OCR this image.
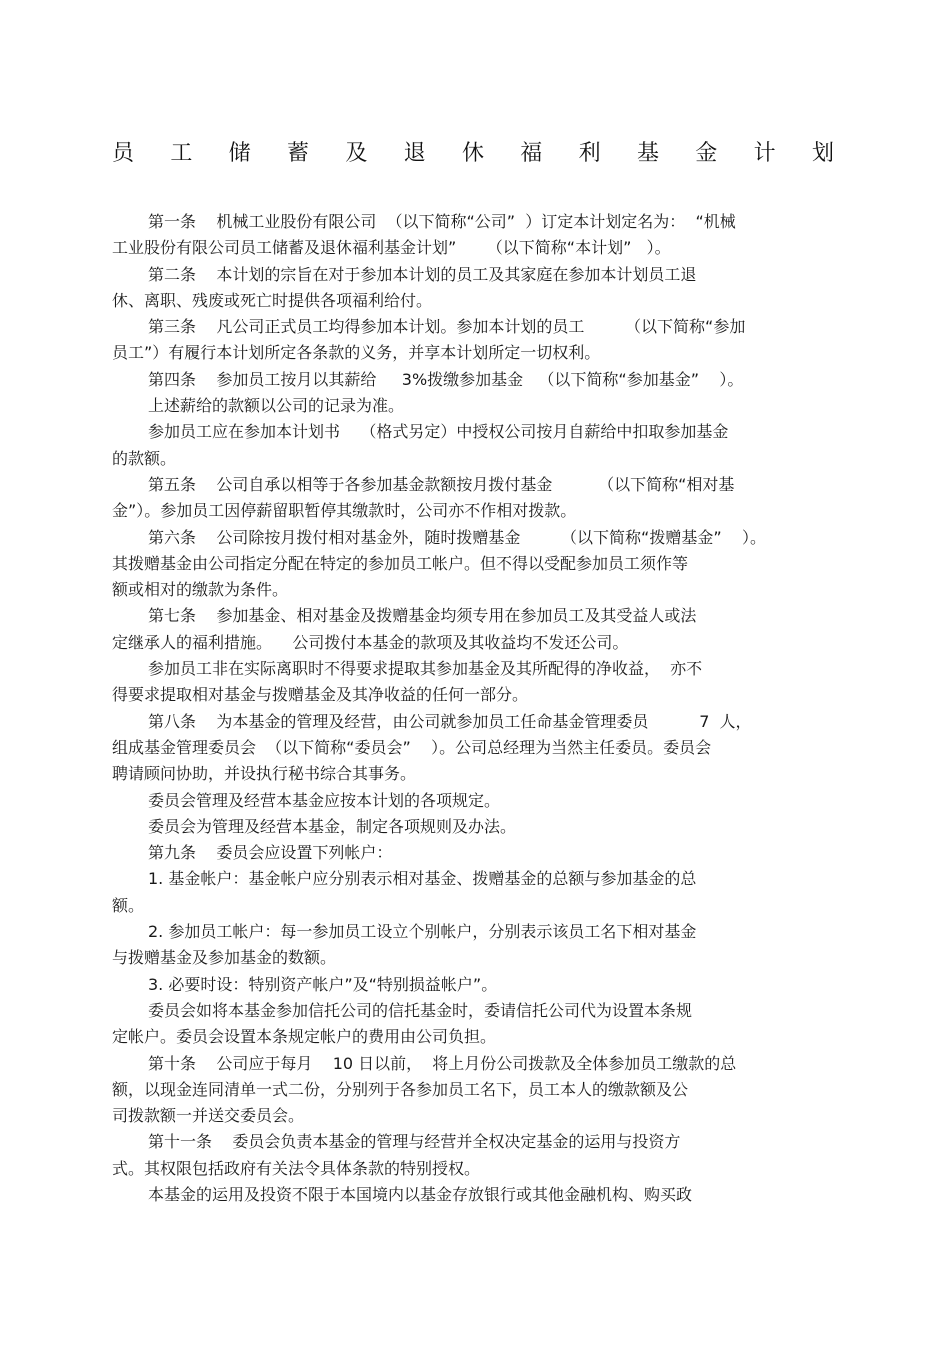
员 工 储 蓄 及 退 休 福 利 基 金 计 划
第一条    机械工业股份有限公司  （以下简称“公司”  ）订定本计划定名为：  “机械
工业股份有限公司员工储蓄及退休福利基金计划”      （以下简称“本计划”   ）。
第二条    本计划的宗旨在对于参加本计划的员工及其家庭在参加本计划员工退
休、离职、残废或死亡时提供各项福利给付。
第三条    凡公司正式员工均得参加本计划。参加本计划的员工        （以下简称“参加
员工”）有履行本计划所定各条款的义务，并享本计划所定一切权利。
第四条    参加员工按月以其薪给     3%拨缴参加基金   （以下简称“参加基金”    ）。
上述薪给的款额以公司的记录为准。
参加员工应在参加本计划书    （格式另定）中授权公司按月自薪给中扣取参加基金
的款额。
第五条    公司自承以相等于各参加基金款额按月拨付基金         （以下简称“相对基
金”）。参加员工因停薪留职暂停其缴款时，公司亦不作相对拨款。
第六条    公司除按月拨付相对基金外，随时拨赠基金        （以下简称“拨赠基金”    ）。
其拨赠基金由公司指定分配在特定的参加员工帐户。但不得以受配参加员工须作等
额或相对的缴款为条件。
第七条    参加基金、相对基金及拨赠基金均须专用在参加员工及其受益人或法
定继承人的福利措施。    公司拨付本基金的款项及其收益均不发还公司。
参加员工非在实际离职时不得要求提取其参加基金及其所配得的净收益，  亦不
得要求提取相对基金与拨赠基金及其净收益的任何一部分。
第八条    为本基金的管理及经营，由公司就参加员工任命基金管理委员          7  人，
组成基金管理委员会  （以下简称“委员会”    ）。公司总经理为当然主任委员。委员会
聘请顾问协助，并设执行秘书综合其事务。
委员会管理及经营本基金应按本计划的各项规定。
委员会为管理及经营本基金，制定各项规则及办法。
第九条    委员会应设置下列帐户：
1. 基金帐户：基金帐户应分别表示相对基金、拨赠基金的总额与参加基金的总
额。
2. 参加员工帐户：每一参加员工设立个别帐户，分别表示该员工名下相对基金
与拨赠基金及参加基金的数额。
3. 必要时设：特别资产帐户”及“特别损益帐户”。
委员会如将本基金参加信托公司的信托基金时，委请信托公司代为设置本条规
定帐户。委员会设置本条规定帐户的费用由公司负担。
第十条    公司应于每月    10 日以前，  将上月份公司拨款及全体参加员工缴款的总
额，以现金连同清单一式二份，分别列于各参加员工名下，员工本人的缴款额及公
司拨款额一并送交委员会。
第十一条    委员会负责本基金的管理与经营并全权决定基金的运用与投资方
式。其权限包括政府有关法令具体条款的特别授权。
本基金的运用及投资不限于本国境内以基金存放银行或其他金融机构、购买政
